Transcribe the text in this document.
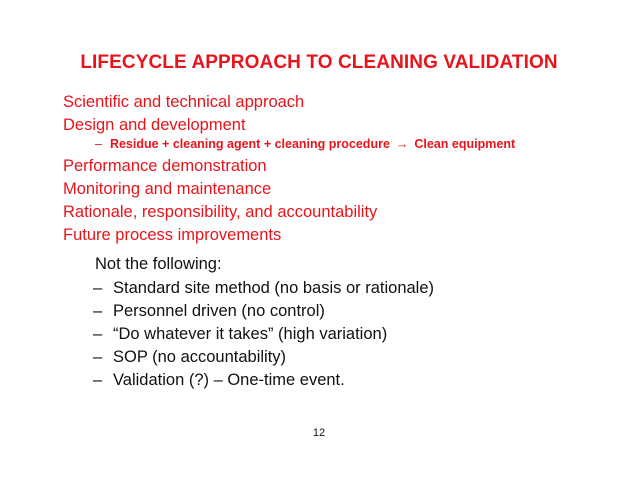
LIFECYCLE APPROACH TO CLEANING VALIDATION
Scientific and technical approach
Design and development
– Residue + cleaning agent + cleaning procedure → Clean equipment
Performance demonstration
Monitoring and maintenance
Rationale, responsibility, and accountability
Future process improvements
Not the following:
– Standard site method (no basis or rationale)
– Personnel driven (no control)
– “Do whatever it takes” (high variation)
– SOP (no accountability)
– Validation (?) – One-time event.
12
